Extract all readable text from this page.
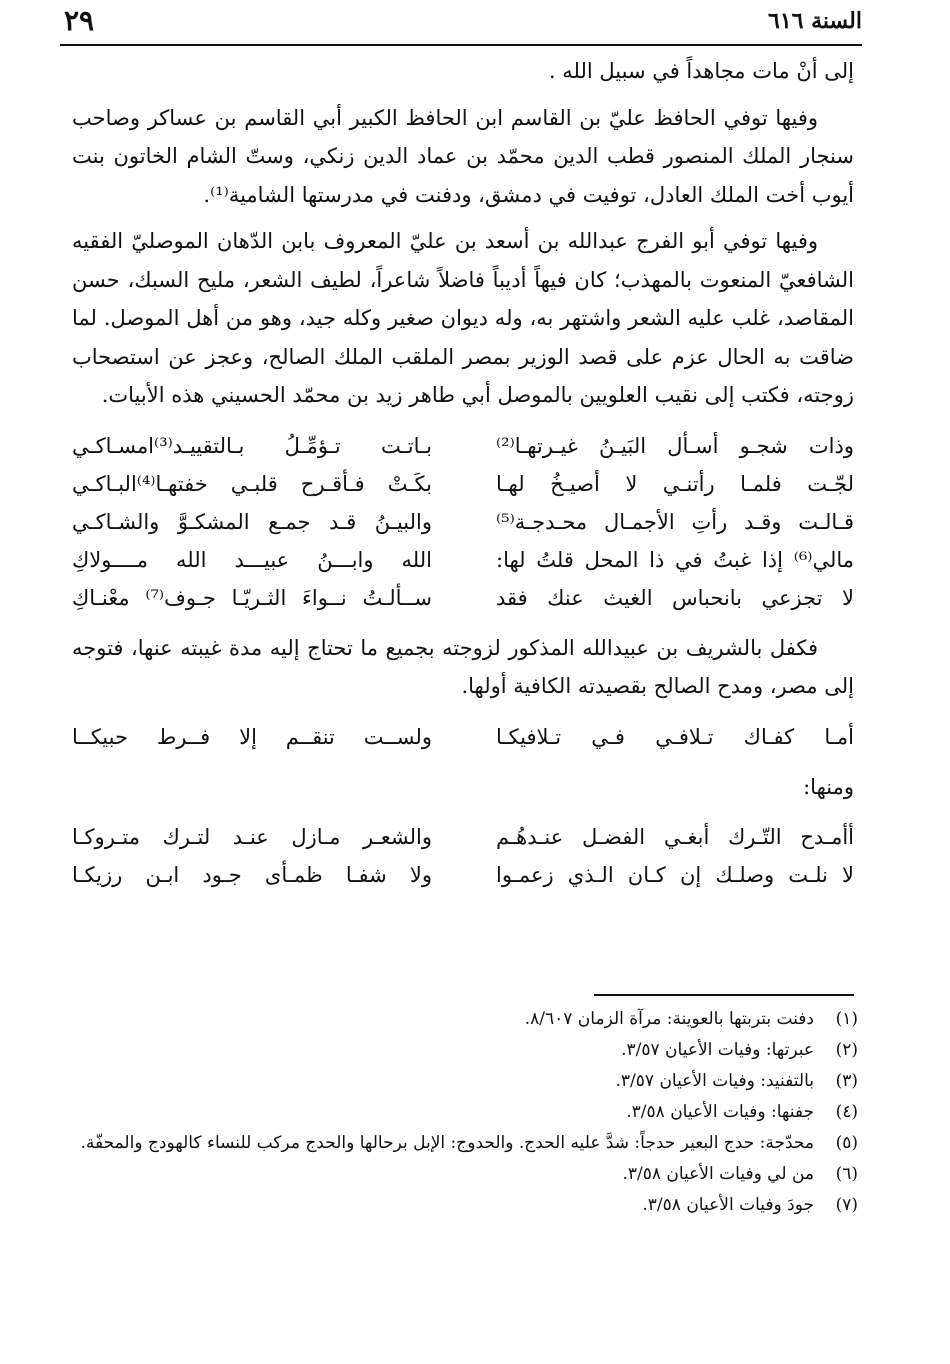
السنة ٦١٦
٢٩

إلى أنْ مات مجاهداً في سبيل الله .

وفيها توفي الحافظ عليّ بن القاسم ابن الحافظ الكبير أبي القاسم بن عساكر وصاحب سنجار الملك المنصور قطب الدين محمّد بن عماد الدين زنكي، وستّ الشام الخاتون بنت أيوب أخت الملك العادل، توفيت في دمشق، ودفنت في مدرستها الشامية⁽¹⁾.

وفيها توفي أبو الفرج عبدالله بن أسعد بن عليّ المعروف بابن الدّهان الموصليّ الفقيه الشافعيّ المنعوت بالمهذب؛ كان فيهاً أديباً فاضلاً شاعراً، لطيف الشعر، مليح السبك، حسن المقاصد، غلب عليه الشعر واشتهر به، وله ديوان صغير وكله جيد، وهو من أهل الموصل. لما ضاقت به الحال عزم على قصد الوزير بمصر الملقب الملك الصالح، وعجز عن استصحاب زوجته، فكتب إلى نقيب العلويين بالموصل أبي طاهر زيد بن محمّد الحسيني هذه الأبيات.

وذات شجـو أسـأل البَيـنُ غيـرتهـا⁽²⁾
بـاتـت تـؤمِّـلُ بـالتقييـد⁽³⁾امسـاكـي
لجّـت فلمـا رأتنـي لا أصيـخُ لهـا
بكَـتْ فـأقـرح قلبـي خفتهـا⁽⁴⁾البـاكـي
قـالـت وقـد رأتِ الأجمـال محـدجـة⁽⁵⁾
والبيـنُ قـد جمـع المشكـوَّ والشـاكـي
مالي⁽⁶⁾ إذا غبتُ في ذا المحل قلتُ لها:
الله وابـــنُ عبيـــد الله مــــولاكِ
لا تجزعي بانحباس الغيث عنك فقد
ســألـتُ نــواءَ الثـريّـا جـوف⁽⁷⁾ معْنـاكِ

فكفل بالشريف بن عبيدالله المذكور لزوجته بجميع ما تحتاج إليه مدة غيبته عنها، فتوجه إلى مصر، ومدح الصالح بقصيدته الكافية أولها.

أمـا كفـاك تـلافـي فـي تـلافيكـا
ولســت تنقــم إلا فــرط حبيكــا

ومنها:

أأمـدح التّـرك أبغـي الفضـل عنـدهُـم
والشعـر مـازل عنـد لتـرك متـروكـا
لا نلـت وصلـك إن كـان الـذي زعمـوا
ولا شفـا ظمـأى جـود ابـن رزيكـا
(١)
دفنت بتربتها بالعوينة: مرآة الزمان ٨/٦٠٧.
(٢)
عبرتها: وفيات الأعيان ٣/٥٧.
(٣)
بالتفنيد: وفيات الأعيان ٣/٥٧.
(٤)
جفنها: وفيات الأعيان ٣/٥٨.
(٥)
محدّجة: حدج البعير حدجاً: شدَّ عليه الحدج. والحدوج: الإبل برحالها والحدج مركب للنساء كالهودج والمحفّة.
(٦)
من لي وفيات الأعيان ٣/٥٨.
(٧)
جودَ وفيات الأعيان ٣/٥٨.
